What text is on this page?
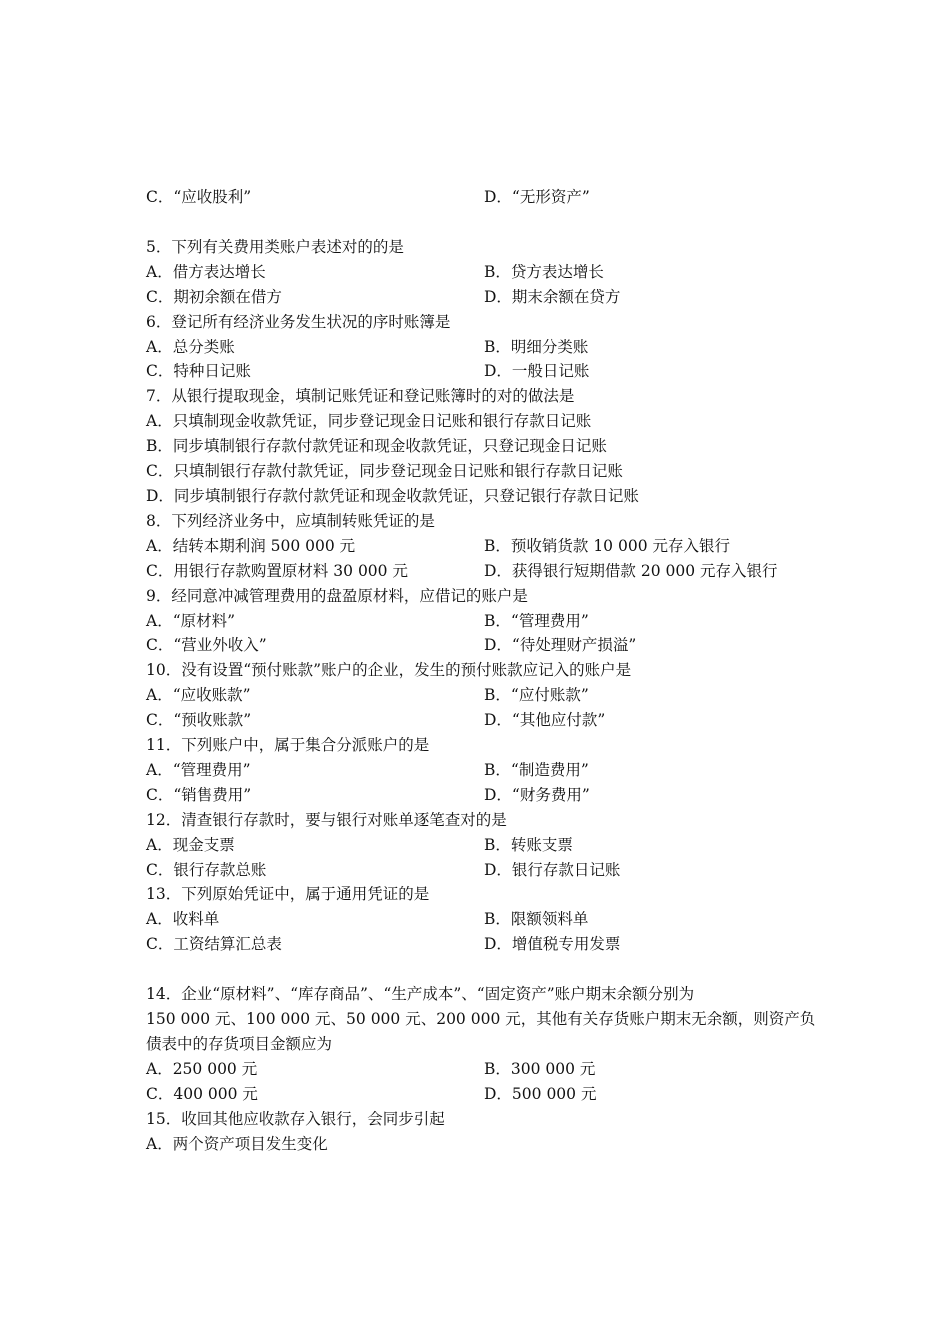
C．“应收股利”	D．“无形资产”
5．下列有关费用类账户表述对的的是
A．借方表达增长	B．贷方表达增长
C．期初余额在借方	D．期末余额在贷方
6．登记所有经济业务发生状况的序时账簿是
A．总分类账	B．明细分类账
C．特种日记账	D．一般日记账
7．从银行提取现金，填制记账凭证和登记账簿时的对的做法是
A．只填制现金收款凭证，同步登记现金日记账和银行存款日记账
B．同步填制银行存款付款凭证和现金收款凭证，只登记现金日记账
C．只填制银行存款付款凭证，同步登记现金日记账和银行存款日记账
D．同步填制银行存款付款凭证和现金收款凭证，只登记银行存款日记账
8．下列经济业务中，应填制转账凭证的是
A．结转本期利润 500 000 元	B．预收销货款 10 000 元存入银行
C．用银行存款购置原材料 30 000 元	D．获得银行短期借款 20 000 元存入银行
9．经同意冲减管理费用的盘盈原材料，应借记的账户是
A．“原材料”	B．“管理费用”
C．“营业外收入”	D．“待处理财产损溢”
10．没有设置“预付账款”账户的企业，发生的预付账款应记入的账户是
A．“应收账款”	B．“应付账款”
C．“预收账款”	D．“其他应付款”
11．下列账户中，属于集合分派账户的是
A．“管理费用”	B．“制造费用”
C．“销售费用”	D．“财务费用”
12．清查银行存款时，要与银行对账单逐笔查对的是
A．现金支票	B．转账支票
C．银行存款总账	D．银行存款日记账
13．下列原始凭证中，属于通用凭证的是
A．收料单	B．限额领料单
C．工资结算汇总表	D．增值税专用发票
14．企业“原材料”、“库存商品”、“生产成本”、“固定资产”账户期末余额分别为
150 000 元、100 000 元、50 000 元、200 000 元，其他有关存货账户期末无余额，则资产负
债表中的存货项目金额应为
A．250 000 元	B．300 000 元
C．400 000 元	D．500 000 元
15．收回其他应收款存入银行，会同步引起
A．两个资产项目发生变化
